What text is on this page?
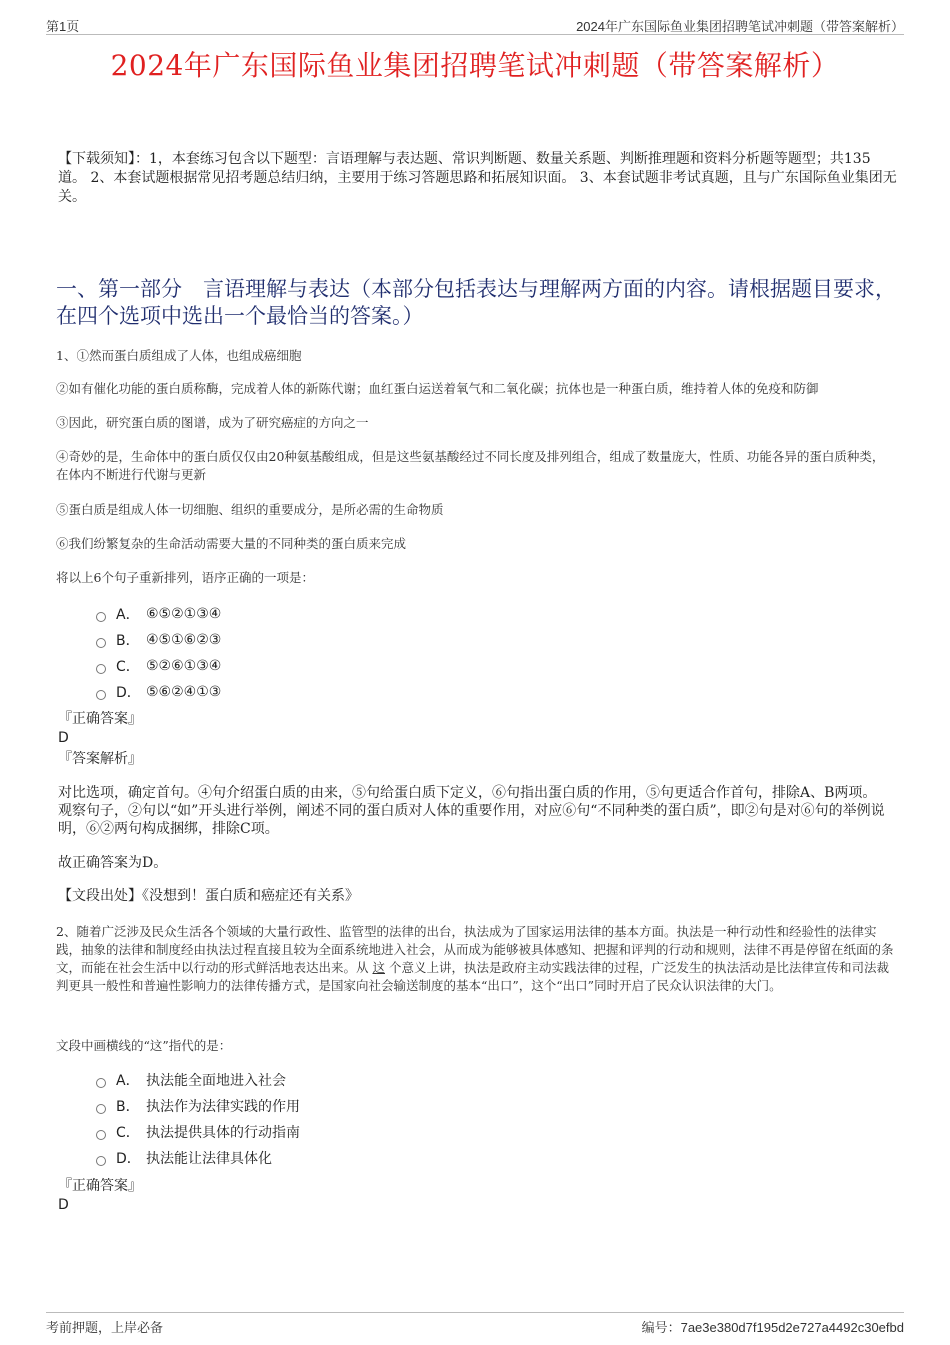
第1页	2024年广东国际鱼业集团招聘笔试冲刺题（带答案解析）
2024年广东国际鱼业集团招聘笔试冲刺题（带答案解析）
【下载须知】：1，本套练习包含以下题型：言语理解与表达题、常识判断题、数量关系题、判断推理题和资料分析题等题型；共135道。 2、本套试题根据常见招考题总结归纳，主要用于练习答题思路和拓展知识面。 3、本套试题非考试真题，且与广东国际鱼业集团无关。
一、第一部分　言语理解与表达（本部分包括表达与理解两方面的内容。请根据题目要求，在四个选项中选出一个最恰当的答案。）
1、①然而蛋白质组成了人体，也组成癌细胞
②如有催化功能的蛋白质称酶，完成着人体的新陈代谢；血红蛋白运送着氧气和二氧化碳；抗体也是一种蛋白质，维持着人体的免疫和防御
③因此，研究蛋白质的图谱，成为了研究癌症的方向之一
④奇妙的是，生命体中的蛋白质仅仅由20种氨基酸组成，但是这些氨基酸经过不同长度及排列组合，组成了数量庞大，性质、功能各异的蛋白质种类，在体内不断进行代谢与更新
⑤蛋白质是组成人体一切细胞、组织的重要成分，是所必需的生命物质
⑥我们纷繁复杂的生命活动需要大量的不同种类的蛋白质来完成
将以上6个句子重新排列，语序正确的一项是：
A． ⑥⑤②①③④
B． ④⑤①⑥②③
C． ⑤②⑥①③④
D． ⑤⑥②④①③
『正确答案』
D
『答案解析』
对比选项，确定首句。④句介绍蛋白质的由来，⑤句给蛋白质下定义，⑥句指出蛋白质的作用，⑤句更适合作首句，排除A、B两项。观察句子，②句以“如”开头进行举例，阐述不同的蛋白质对人体的重要作用，对应⑥句“不同种类的蛋白质”，即②句是对⑥句的举例说明，⑥②两句构成捆绑，排除C项。
故正确答案为D。
【文段出处】《没想到！蛋白质和癌症还有关系》
2、随着广泛涉及民众生活各个领域的大量行政性、监管型的法律的出台，执法成为了国家运用法律的基本方面。执法是一种行动性和经验性的法律实践，抽象的法律和制度经由执法过程直接且较为全面系统地进入社会，从而成为能够被具体感知、把握和评判的行动和规则，法律不再是停留在纸面的条文，而能在社会生活中以行动的形式鲜活地表达出来。从 这 个意义上讲，执法是政府主动实践法律的过程，广泛发生的执法活动是比法律宣传和司法裁判更具一般性和普遍性影响力的法律传播方式，是国家向社会输送制度的基本“出口”，这个“出口”同时开启了民众认识法律的大门。
文段中画横线的“这”指代的是：
A． 执法能全面地进入社会
B． 执法作为法律实践的作用
C． 执法提供具体的行动指南
D． 执法能让法律具体化
『正确答案』
D
考前押题，上岸必备	编号：7ae3e380d7f195d2e727a4492c30efbd
